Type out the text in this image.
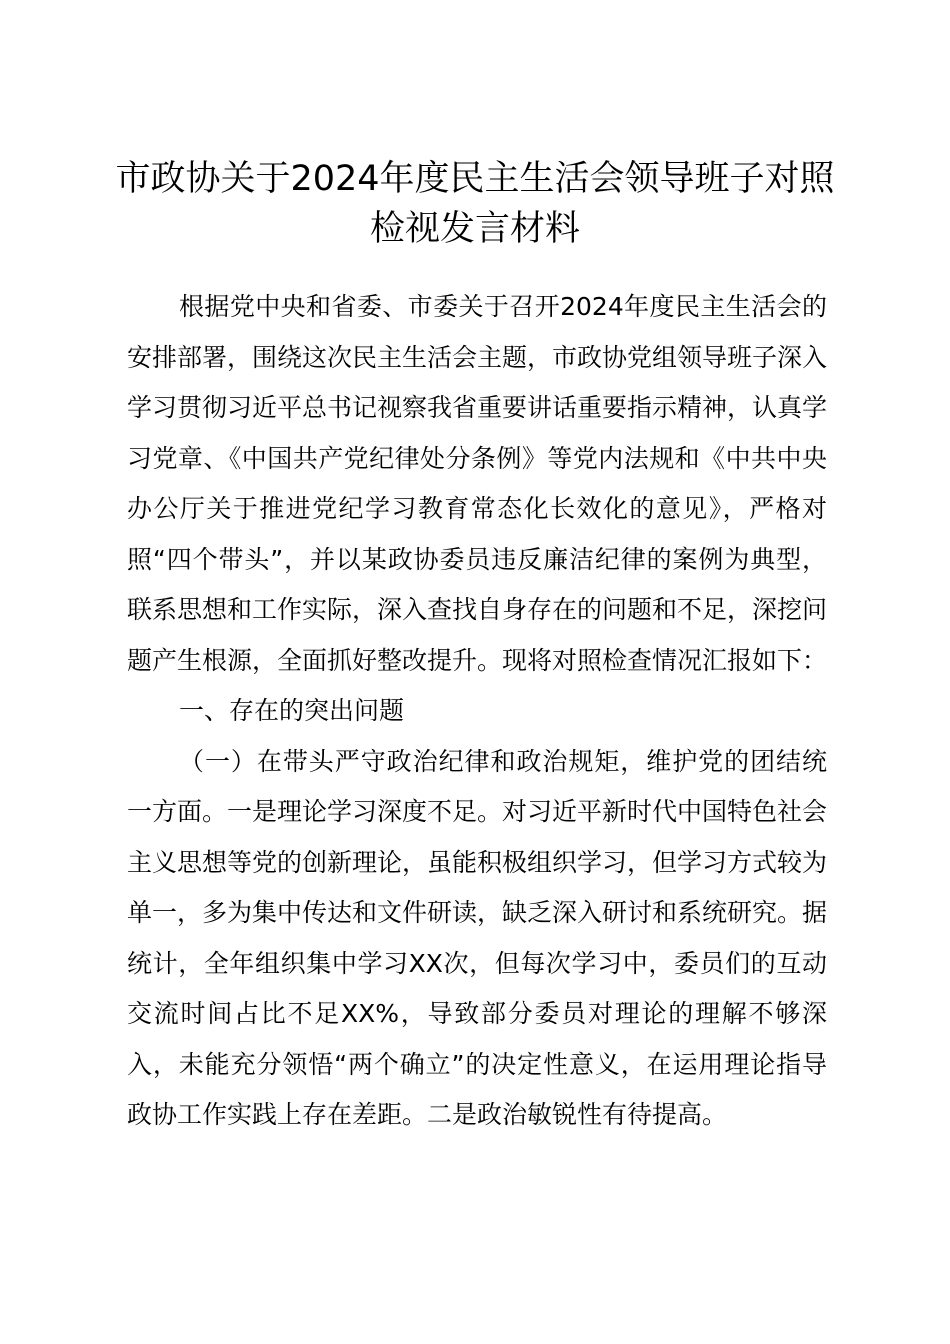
市政协关于2024年度民主生活会领导班子对照检视发言材料

根据党中央和省委、市委关于召开2024年度民主生活会的安排部署，围绕这次民主生活会主题，市政协党组领导班子深入学习贯彻习近平总书记视察我省重要讲话重要指示精神，认真学习党章、《中国共产党纪律处分条例》等党内法规和《中共中央办公厅关于推进党纪学习教育常态化长效化的意见》，严格对照“四个带头”，并以某政协委员违反廉洁纪律的案例为典型，联系思想和工作实际，深入查找自身存在的问题和不足，深挖问题产生根源，全面抓好整改提升。现将对照检查情况汇报如下：

一、存在的突出问题

（一）在带头严守政治纪律和政治规矩，维护党的团结统一方面。一是理论学习深度不足。对习近平新时代中国特色社会主义思想等党的创新理论，虽能积极组织学习，但学习方式较为单一，多为集中传达和文件研读，缺乏深入研讨和系统研究。据统计，全年组织集中学习XX次，但每次学习中，委员们的互动交流时间占比不足XX%，导致部分委员对理论的理解不够深入，未能充分领悟“两个确立”的决定性意义，在运用理论指导政协工作实践上存在差距。二是政治敏锐性有待提高。
